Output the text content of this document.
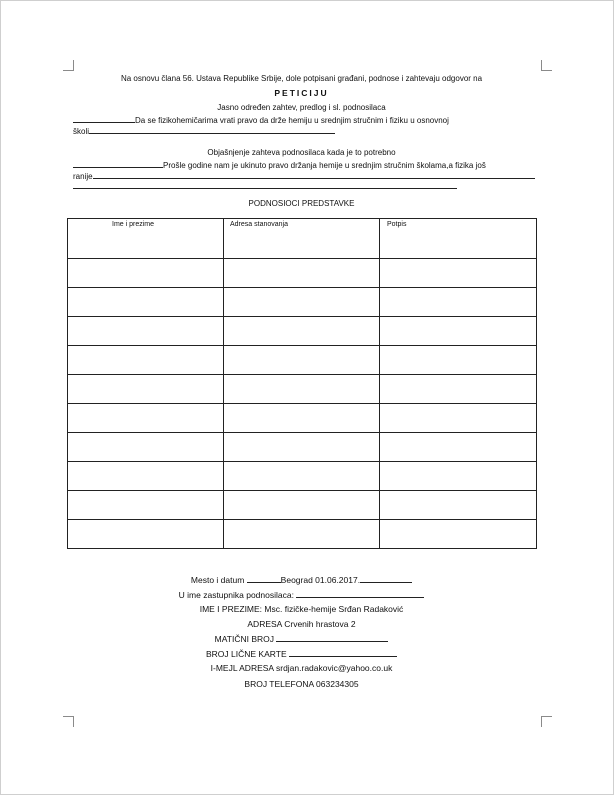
Na osnovu člana 56. Ustava Republike Srbije, dole potpisani građani, podnose i zahtevaju odgovor na
PETICIJU
Jasno određen zahtev, predlog i sl. podnosilaca
Da se fizikohemičarima vrati pravo da drže hemiju u srednjim stručnim i fiziku u osnovnoj
školi
Objašnjenje zahteva podnosilaca kada je to potrebno
Prošle godine nam je ukinuto pravo držanja hemije u srednjim stručnim školama,a fizika još
ranije
PODNOSIOCI PREDSTAVKE
Ime i prezime	Adresa stanovanja	Potpis

Mesto i datum	Beograd 01.06.2017.
U ime zastupnika podnosilaca:
IME I PREZIME: Msc. fizičke-hemije Srđan Radaković
ADRESA Crvenih hrastova 2
MATIČNI BROJ
BROJ LIČNE KARTE
I-MEJL ADRESA srdjan.radakovic@yahoo.co.uk
BROJ TELEFONA 063234305
